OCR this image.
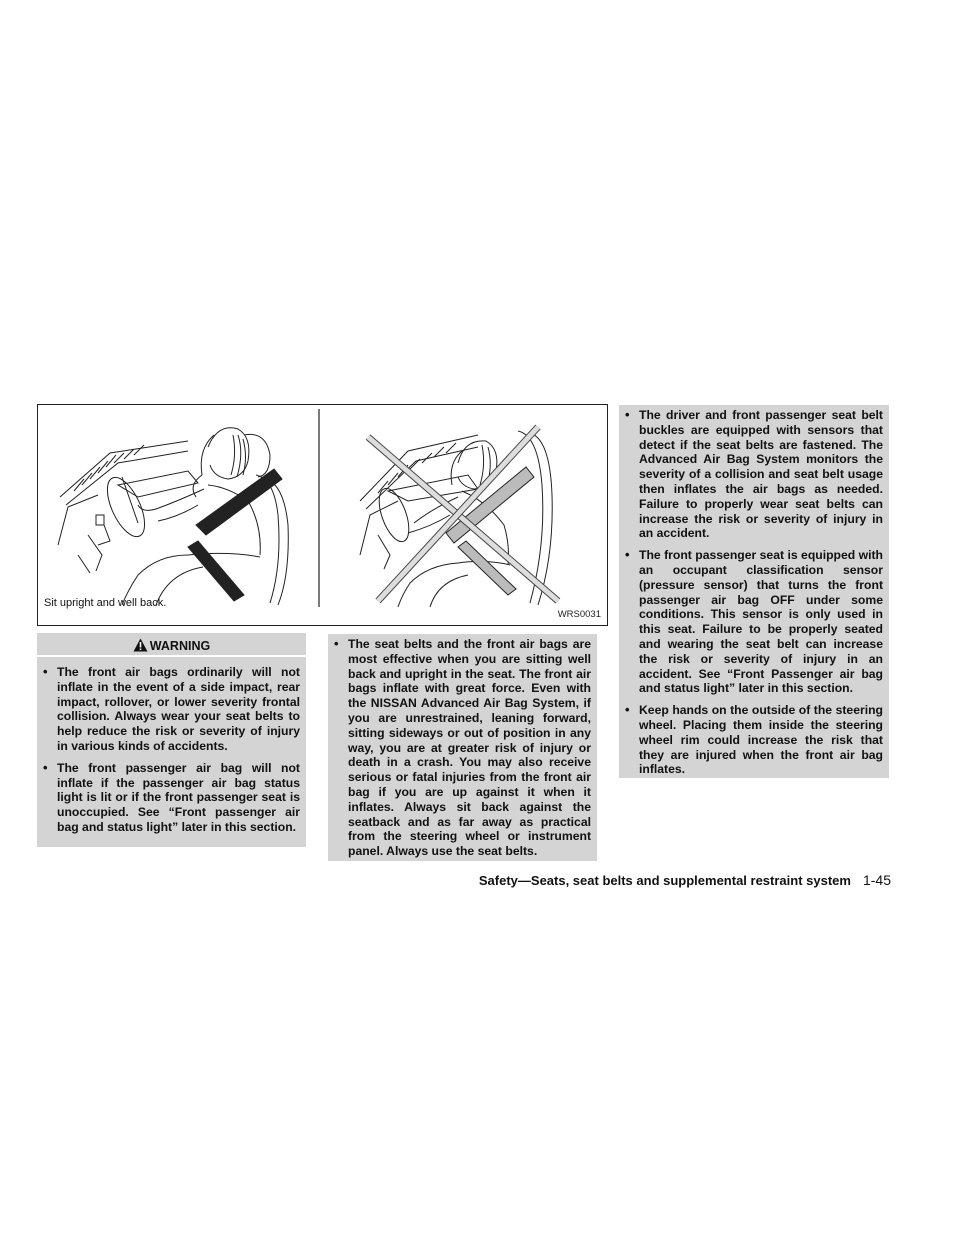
Sit upright and well back.
WRS0031
WARNING
• The front air bags ordinarily will not inflate in the event of a side impact, rear impact, rollover, or lower severity frontal collision. Always wear your seat belts to help reduce the risk or severity of injury in various kinds of accidents.
• The front passenger air bag will not inflate if the passenger air bag status light is lit or if the front passenger seat is unoccupied. See “Front passenger air bag and status light” later in this section.
• The seat belts and the front air bags are most effective when you are sitting well back and upright in the seat. The front air bags inflate with great force. Even with the NISSAN Advanced Air Bag System, if you are unrestrained, leaning forward, sitting sideways or out of position in any way, you are at greater risk of injury or death in a crash. You may also receive serious or fatal injuries from the front air bag if you are up against it when it inflates. Always sit back against the seatback and as far away as practical from the steering wheel or instrument panel. Always use the seat belts.
• The driver and front passenger seat belt buckles are equipped with sensors that detect if the seat belts are fastened. The Advanced Air Bag System monitors the severity of a collision and seat belt usage then inflates the air bags as needed. Failure to properly wear seat belts can increase the risk or severity of injury in an accident.
• The front passenger seat is equipped with an occupant classification sensor (pressure sensor) that turns the front passenger air bag OFF under some conditions. This sensor is only used in this seat. Failure to be properly seated and wearing the seat belt can increase the risk or severity of injury in an accident. See “Front Passenger air bag and status light” later in this section.
• Keep hands on the outside of the steering wheel. Placing them inside the steering wheel rim could increase the risk that they are injured when the front air bag inflates.
Safety—Seats, seat belts and supplemental restraint system 1-45
